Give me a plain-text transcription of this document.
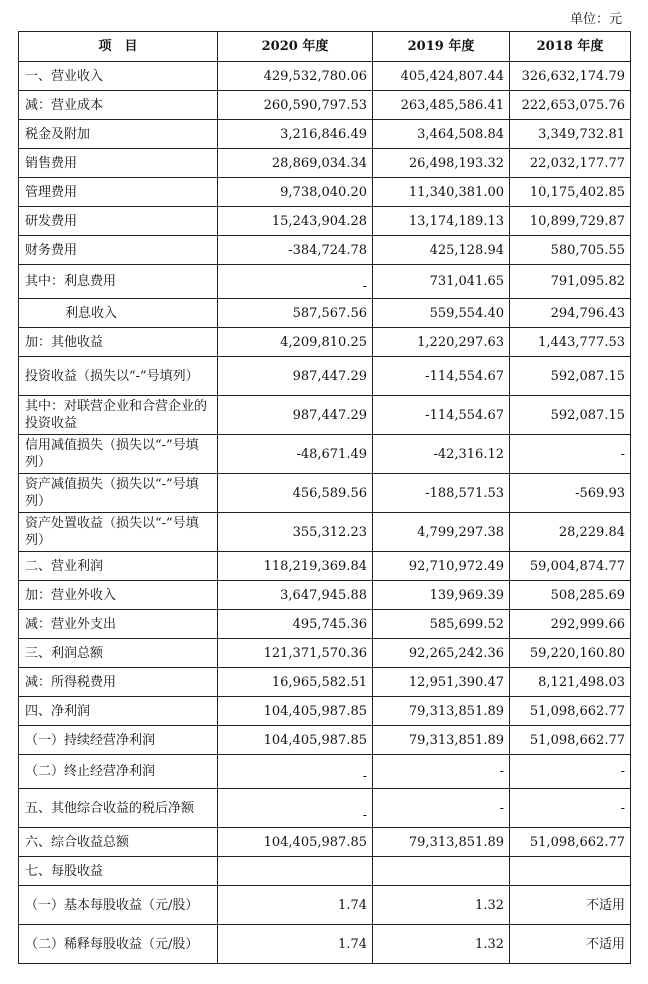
单位：元
项　目	2020 年度	2019 年度	2018 年度
一、营业收入	429,532,780.06	405,424,807.44	326,632,174.79
减：营业成本	260,590,797.53	263,485,586.41	222,653,075.76
税金及附加	3,216,846.49	3,464,508.84	3,349,732.81
销售费用	28,869,034.34	26,498,193.32	22,032,177.77
管理费用	9,738,040.20	11,340,381.00	10,175,402.85
研发费用	15,243,904.28	13,174,189.13	10,899,729.87
财务费用	-384,724.78	425,128.94	580,705.55
其中：利息费用	-	731,041.65	791,095.82
利息收入	587,567.56	559,554.40	294,796.43
加：其他收益	4,209,810.25	1,220,297.63	1,443,777.53
投资收益（损失以“-”号填列）	987,447.29	-114,554.67	592,087.15
其中：对联营企业和合营企业的投资收益	987,447.29	-114,554.67	592,087.15
信用减值损失（损失以“-”号填列）	-48,671.49	-42,316.12	-
资产减值损失（损失以“-”号填列）	456,589.56	-188,571.53	-569.93
资产处置收益（损失以“-”号填列）	355,312.23	4,799,297.38	28,229.84
二、营业利润	118,219,369.84	92,710,972.49	59,004,874.77
加：营业外收入	3,647,945.88	139,969.39	508,285.69
减：营业外支出	495,745.36	585,699.52	292,999.66
三、利润总额	121,371,570.36	92,265,242.36	59,220,160.80
减：所得税费用	16,965,582.51	12,951,390.47	8,121,498.03
四、净利润	104,405,987.85	79,313,851.89	51,098,662.77
（一）持续经营净利润	104,405,987.85	79,313,851.89	51,098,662.77
（二）终止经营净利润	-	-	-
五、其他综合收益的税后净额	-	-	-
六、综合收益总额	104,405,987.85	79,313,851.89	51,098,662.77
七、每股收益			
（一）基本每股收益（元/股）	1.74	1.32	不适用
（二）稀释每股收益（元/股）	1.74	1.32	不适用
